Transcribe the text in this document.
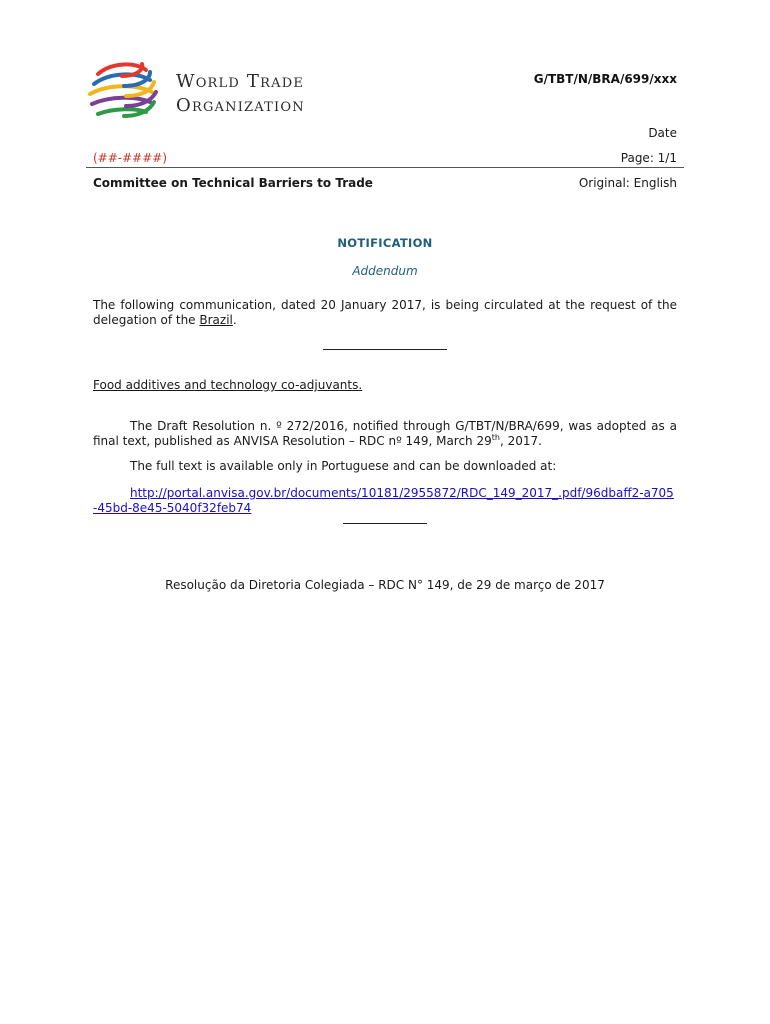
World Trade
Organization
G/TBT/N/BRA/699/xxx
Date
(##-####)	Page: 1/1
Committee on Technical Barriers to Trade	Original: English
NOTIFICATION
Addendum
The following communication, dated 20 January 2017, is being circulated at the request of the delegation of the Brazil.
Food additives and technology co-adjuvants.
The Draft Resolution n. º 272/2016, notified through G/TBT/N/BRA/699, was adopted as a final text, published as ANVISA Resolution – RDC nº 149, March 29th, 2017.
The full text is available only in Portuguese and can be downloaded at:
http://portal.anvisa.gov.br/documents/10181/2955872/RDC_149_2017_.pdf/96dbaff2-a705-45bd-8e45-5040f32feb74
Resolução da Diretoria Colegiada – RDC N° 149, de 29 de março de 2017
